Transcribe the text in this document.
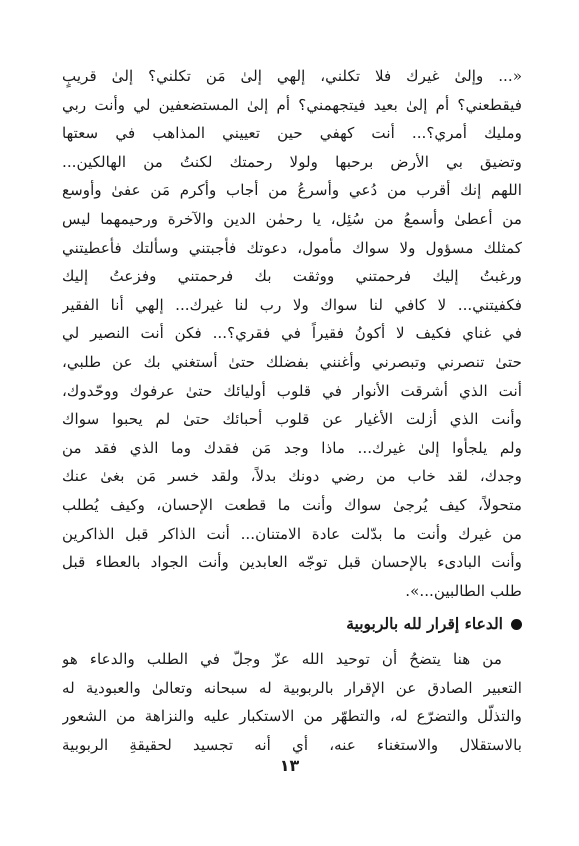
«... وإلىٰ غيرك فلا تكلني، إلهي إلىٰ مَن تكلني؟ إلىٰ قريبٍ
فيقطعني؟ أم إلىٰ بعيد فيتجهمني؟ أم إلىٰ المستضعفين لي وأنت ربي
ومليك أمري؟... أنت كهفي حين تعييني المذاهب في سعتها
وتضيق بي الأرض برحبها ولولا رحمتك لكنتُ من الهالكين...
اللهم إنك أقرب من دُعي وأسرعُ من أجاب وأكرم مَن عفىٰ وأوسع
من أعطىٰ وأسمعُ من سُئِل، يا رحمٰن الدين والآخرة ورحيمهما ليس
كمثلك مسؤول ولا سواك مأمول، دعوتك فأجبتني وسألتك فأعطيتني
ورغبتُ إليك فرحمتني ووثقت بك فرحمتني وفزعتُ إليك
فكفيتني... لا كافي لنا سواك ولا رب لنا غيرك... إلهي أنا الفقير
في غناي فكيف لا أكونُ فقيراً في فقري؟... فكن أنت النصير لي
حتىٰ تنصرني وتبصرني وأغنني بفضلك حتىٰ أستغني بك عن طلبي،
أنت الذي أشرقت الأنوار في قلوب أوليائك حتىٰ عرفوك ووحّدوك،
وأنت الذي أزلت الأغيار عن قلوب أحبائك حتىٰ لم يحبوا سواك
ولم يلجأوا إلىٰ غيرك... ماذا وجد مَن فقدك وما الذي فقد من
وجدك، لقد خاب من رضي دونك بدلاً، ولقد خسر مَن بغىٰ عنك
متحولاً، كيف يُرجىٰ سواك وأنت ما قطعت الإحسان، وكيف يُطلب
من غيرك وأنت ما بدّلت عادة الامتنان... أنت الذاكر قبل الذاكرين
وأنت البادىء بالإحسان قبل توجّه العابدين وأنت الجواد بالعطاء قبل
طلب الطالبين...».
الدعاء إقرار لله بالربوبية
من هنا يتضحُ أن توحيد الله عزّ وجلّ في الطلب والدعاء هو
التعبير الصادق عن الإقرار بالربوبية له سبحانه وتعالىٰ والعبودية له
والتذلّل والتضرّع له، والتطهّر من الاستكبار عليه والنزاهة من الشعور
بالاستقلال والاستغناء عنه، أي أنه تجسيد لحقيقةِ الربوبية
١٣
